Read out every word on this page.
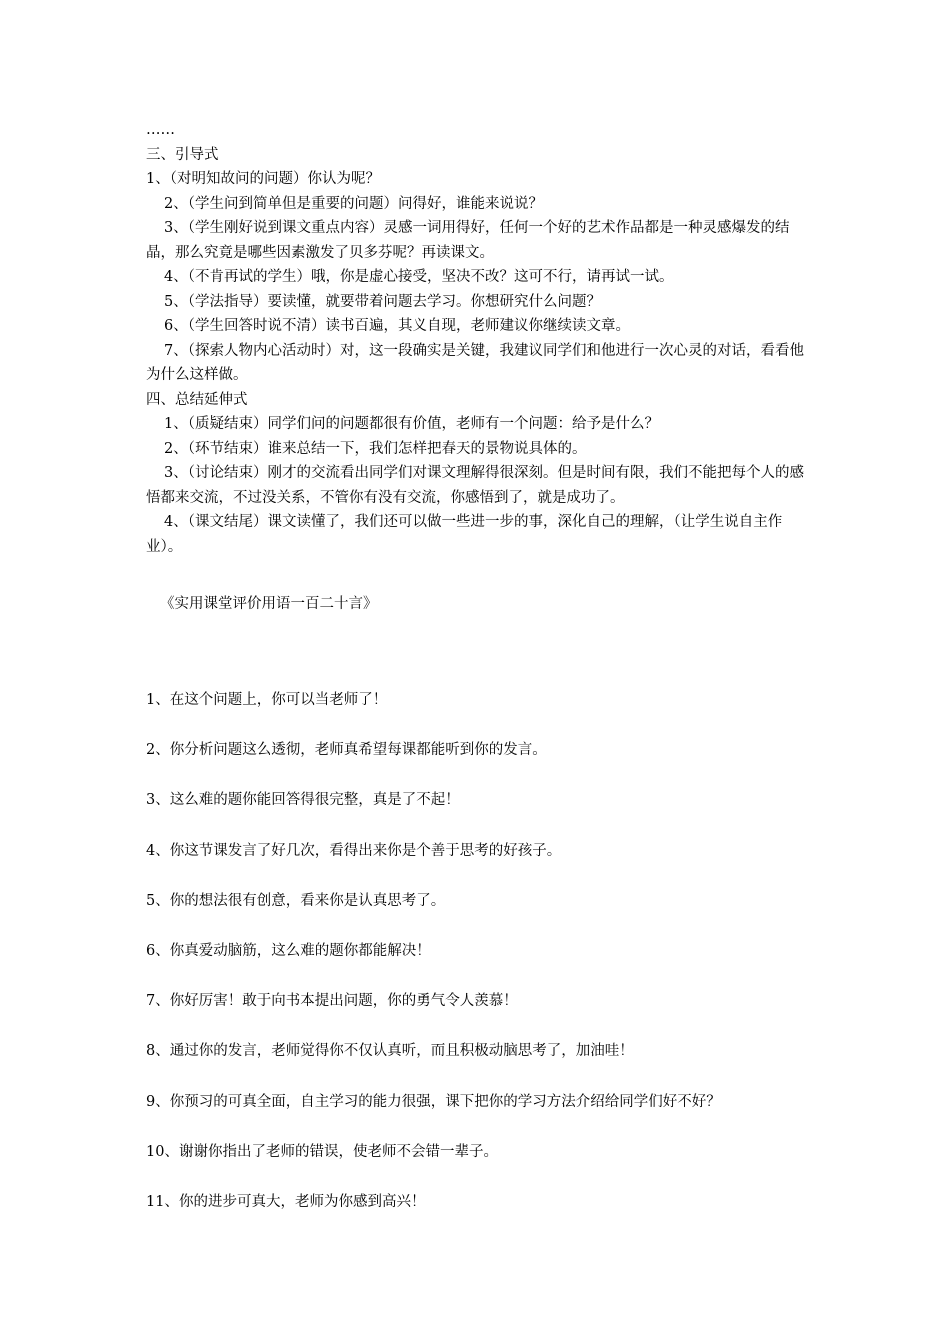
……
三、引导式
1、（对明知故问的问题）你认为呢？
2、（学生问到简单但是重要的问题）问得好，谁能来说说？
3、（学生刚好说到课文重点内容）灵感一词用得好，任何一个好的艺术作品都是一种灵感爆发的结晶，那么究竟是哪些因素激发了贝多芬呢？再读课文。
4、（不肯再试的学生）哦，你是虚心接受，坚决不改？这可不行，请再试一试。
5、（学法指导）要读懂，就要带着问题去学习。你想研究什么问题？
6、（学生回答时说不清）读书百遍，其义自现，老师建议你继续读文章。
7、（探索人物内心活动时）对，这一段确实是关键，我建议同学们和他进行一次心灵的对话，看看他为什么这样做。
四、总结延伸式
1、（质疑结束）同学们问的问题都很有价值，老师有一个问题：给予是什么？
2、（环节结束）谁来总结一下，我们怎样把春天的景物说具体的。
3、（讨论结束）刚才的交流看出同学们对课文理解得很深刻。但是时间有限，我们不能把每个人的感悟都来交流，不过没关系，不管你有没有交流，你感悟到了，就是成功了。
4、（课文结尾）课文读懂了，我们还可以做一些进一步的事，深化自己的理解，（让学生说自主作业）。
《实用课堂评价用语一百二十言》
1、在这个问题上，你可以当老师了！
2、你分析问题这么透彻，老师真希望每课都能听到你的发言。
3、这么难的题你能回答得很完整，真是了不起！
4、你这节课发言了好几次，看得出来你是个善于思考的好孩子。
5、你的想法很有创意，看来你是认真思考了。
6、你真爱动脑筋，这么难的题你都能解决！
7、你好厉害！敢于向书本提出问题，你的勇气令人羡慕！
8、通过你的发言，老师觉得你不仅认真听，而且积极动脑思考了，加油哇！
9、你预习的可真全面，自主学习的能力很强，课下把你的学习方法介绍给同学们好不好？
10、谢谢你指出了老师的错误，使老师不会错一辈子。
11、你的进步可真大，老师为你感到高兴！
